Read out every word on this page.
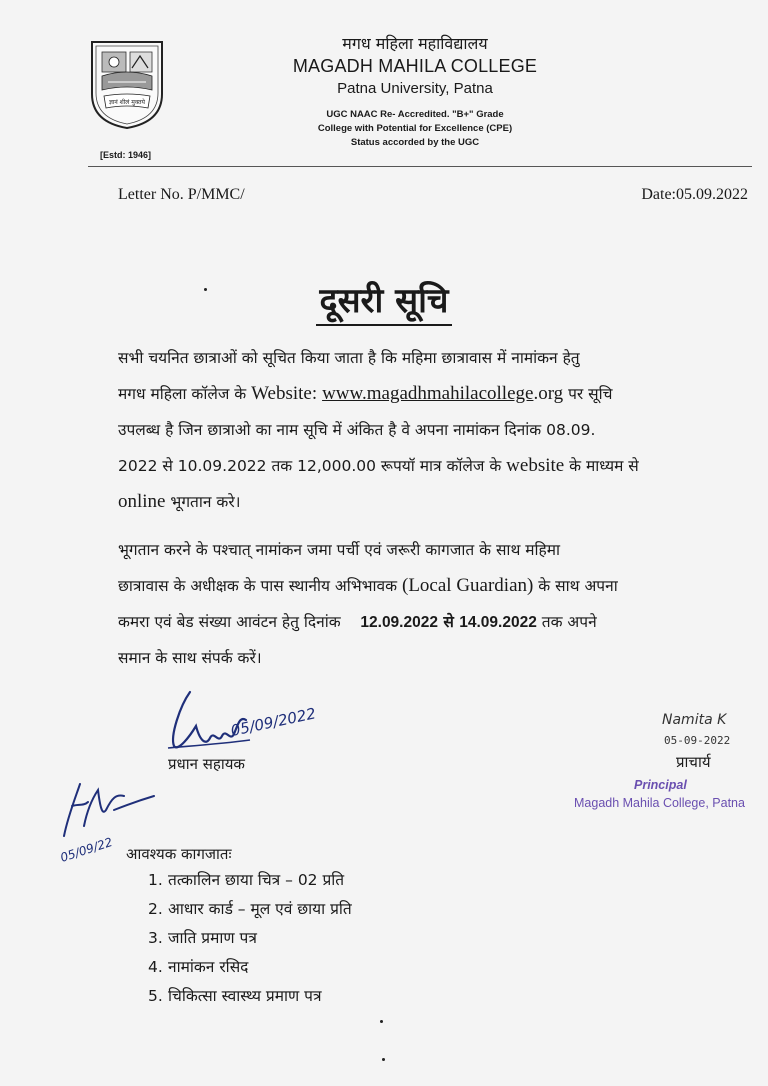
ज्ञानं शीलं मुक्तये
[Estd: 1946]
मगध महिला महाविद्यालय
MAGADH MAHILA COLLEGE
Patna University, Patna
UGC NAAC Re- Accredited. "B+" Grade
College with Potential for Excellence (CPE)
Status accorded by the UGC
Letter No. P/MMC/	Date:05.09.2022
दूसरी सूचि
सभी चयनित छात्राओं को सूचित किया जाता है कि महिमा छात्रावास में नामांकन हेतु
मगध महिला कॉलेज के Website: www.magadhmahilacollege.org पर सूचि
उपलब्ध है जिन छात्राओ का नाम सूचि में अंकित है वे अपना नामांकन दिनांक 08.09.
2022 से 10.09.2022 तक 12,000.00 रूपयॉ मात्र कॉलेज के website के माध्यम से
online भूगतान करे।
भूगतान करने के पश्चात् नामांकन जमा पर्ची एवं जरूरी कागजात के साथ महिमा
छात्रावास के अधीक्षक के पास स्थानीय अभिभावक (Local Guardian) के साथ अपना
कमरा एवं बेड संख्या आवंटन हेतु दिनांक    12.09.2022 से 14.09.2022 तक अपने
समान के साथ संपर्क करें।
05/09/2022
प्रधान सहायक
Namita K
05-09-2022
प्राचार्य
Principal
Magadh Mahila College, Patna
05/09/22 आवश्यक कागजातः
1. तत्कालिन छाया चित्र – 02 प्रति
2. आधार कार्ड – मूल एवं छाया प्रति
3. जाति प्रमाण पत्र
4. नामांकन रसिद
5. चिकित्सा स्वास्थ्य प्रमाण पत्र
